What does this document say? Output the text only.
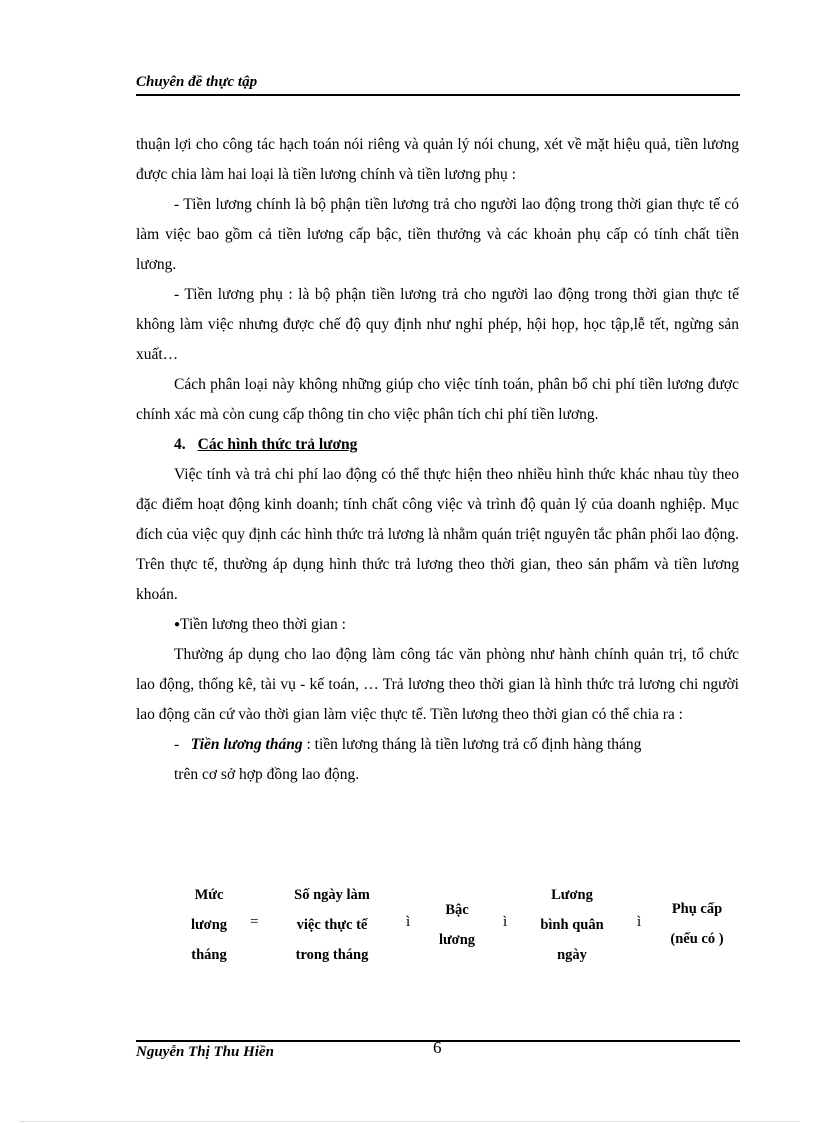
Chuyên đề thực tập

thuận lợi cho công tác hạch toán nói riêng và quản lý nói chung, xét về mặt hiệu quả, tiền lương được chia làm hai loại là tiền lương chính và tiền lương phụ :

- Tiền lương chính là bộ phận tiền lương trả cho người lao động trong thời gian thực tế có làm việc bao gồm cả tiền lương cấp bậc, tiền thưởng và các khoản phụ cấp có tính chất tiền lương.

- Tiền lương phụ : là bộ phận tiền lương trả cho người lao động trong thời gian thực tế không làm việc nhưng được chế độ quy định như nghỉ phép, hội họp, học tập,lễ tết, ngừng sản xuất…

Cách phân loại này không những giúp cho việc tính toán, phân bổ chi phí tiền lương được chính xác mà còn cung cấp thông tin cho việc phân tích chi phí tiền lương.

4. Các hình thức trả lương

Việc tính và trả chi phí lao động có thể thực hiện theo nhiều hình thức khác nhau tùy theo đặc điểm hoạt động kinh doanh; tính chất công việc và trình độ quản lý của doanh nghiệp. Mục đích của việc quy định các hình thức trả lương là nhằm quán triệt nguyên tắc phân phối lao động. Trên thực tế, thường áp dụng hình thức trả lương theo thời gian, theo sản phẩm và tiền lương khoán.

●Tiền lương theo thời gian :

Thường áp dụng cho lao động làm công tác văn phòng như hành chính quản trị, tổ chức lao động, thống kê, tài vụ - kế toán, … Trả lương theo thời gian là hình thức trả lương chi người lao động căn cứ vào thời gian làm việc thực tế. Tiền lương theo thời gian có thể chia ra :

-   Tiền lương tháng : tiền lương tháng là tiền lương trả cố định hàng tháng
trên cơ sở hợp đồng lao động.
Mức
lương
tháng
=
Số ngày làm
việc thực tế
trong tháng
ì
Bậc
lương
ì
Lương
bình quân
ngày
ì
Phụ cấp
(nếu có )
Nguyễn Thị Thu Hiền	6
